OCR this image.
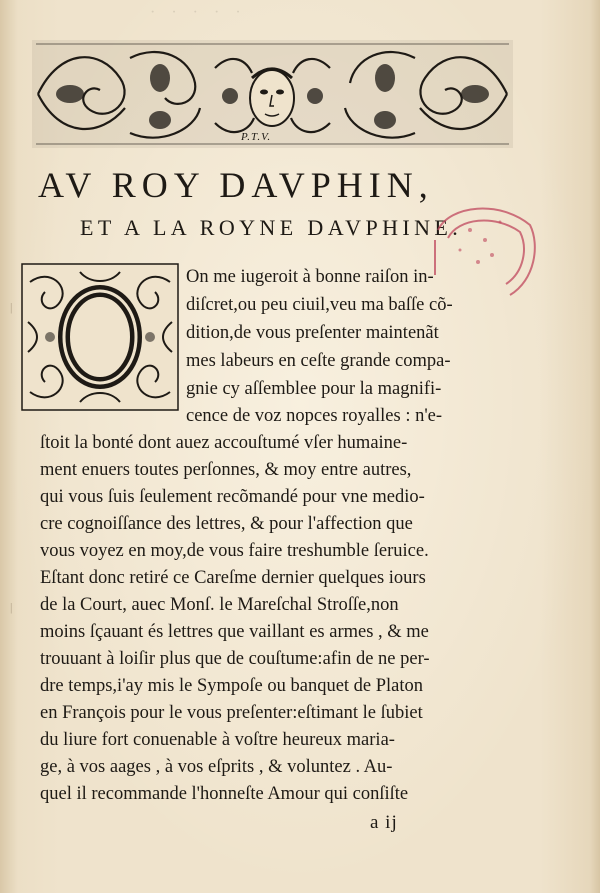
· · · · ·
P.T.V.
AV ROY DAVPHIN,
ET A LA ROYNE DAVPHINE.
On me iugeroit à bonne raiſon in-
diſcret,ou peu ciuil,veu ma baſſe cõ-
dition,de vous preſenter maintenãt
mes labeurs en ceſte grande compa-
gnie cy aſſemblee pour la magnifi-
cence de voz nopces royalles : n'e-
ſtoit la bonté dont auez accouſtumé vſer humaine-
ment enuers toutes perſonnes, & moy entre autres,
qui vous ſuis ſeulement recõmandé pour vne medio-
cre cognoiſſance des lettres, & pour l'affection que
vous voyez en moy,de vous faire treshumble ſeruice.
Eſtant donc retiré ce Careſme dernier quelques iours
de la Court, auec Monſ. le Mareſchal Stroſſe,non
moins ſçauant és lettres que vaillant es armes , & me
trouuant à loiſir plus que de couſtume:afin de ne per-
dre temps,i'ay mis le Sympoſe ou banquet de Platon
en François pour le vous preſenter:eſtimant le ſubiet
du liure fort conuenable à voſtre heureux maria-
ge, à vos aages , à vos eſprits , & voluntez . Au-
quel il recommande l'honneſte Amour qui conſiſte
a ij
|
|
